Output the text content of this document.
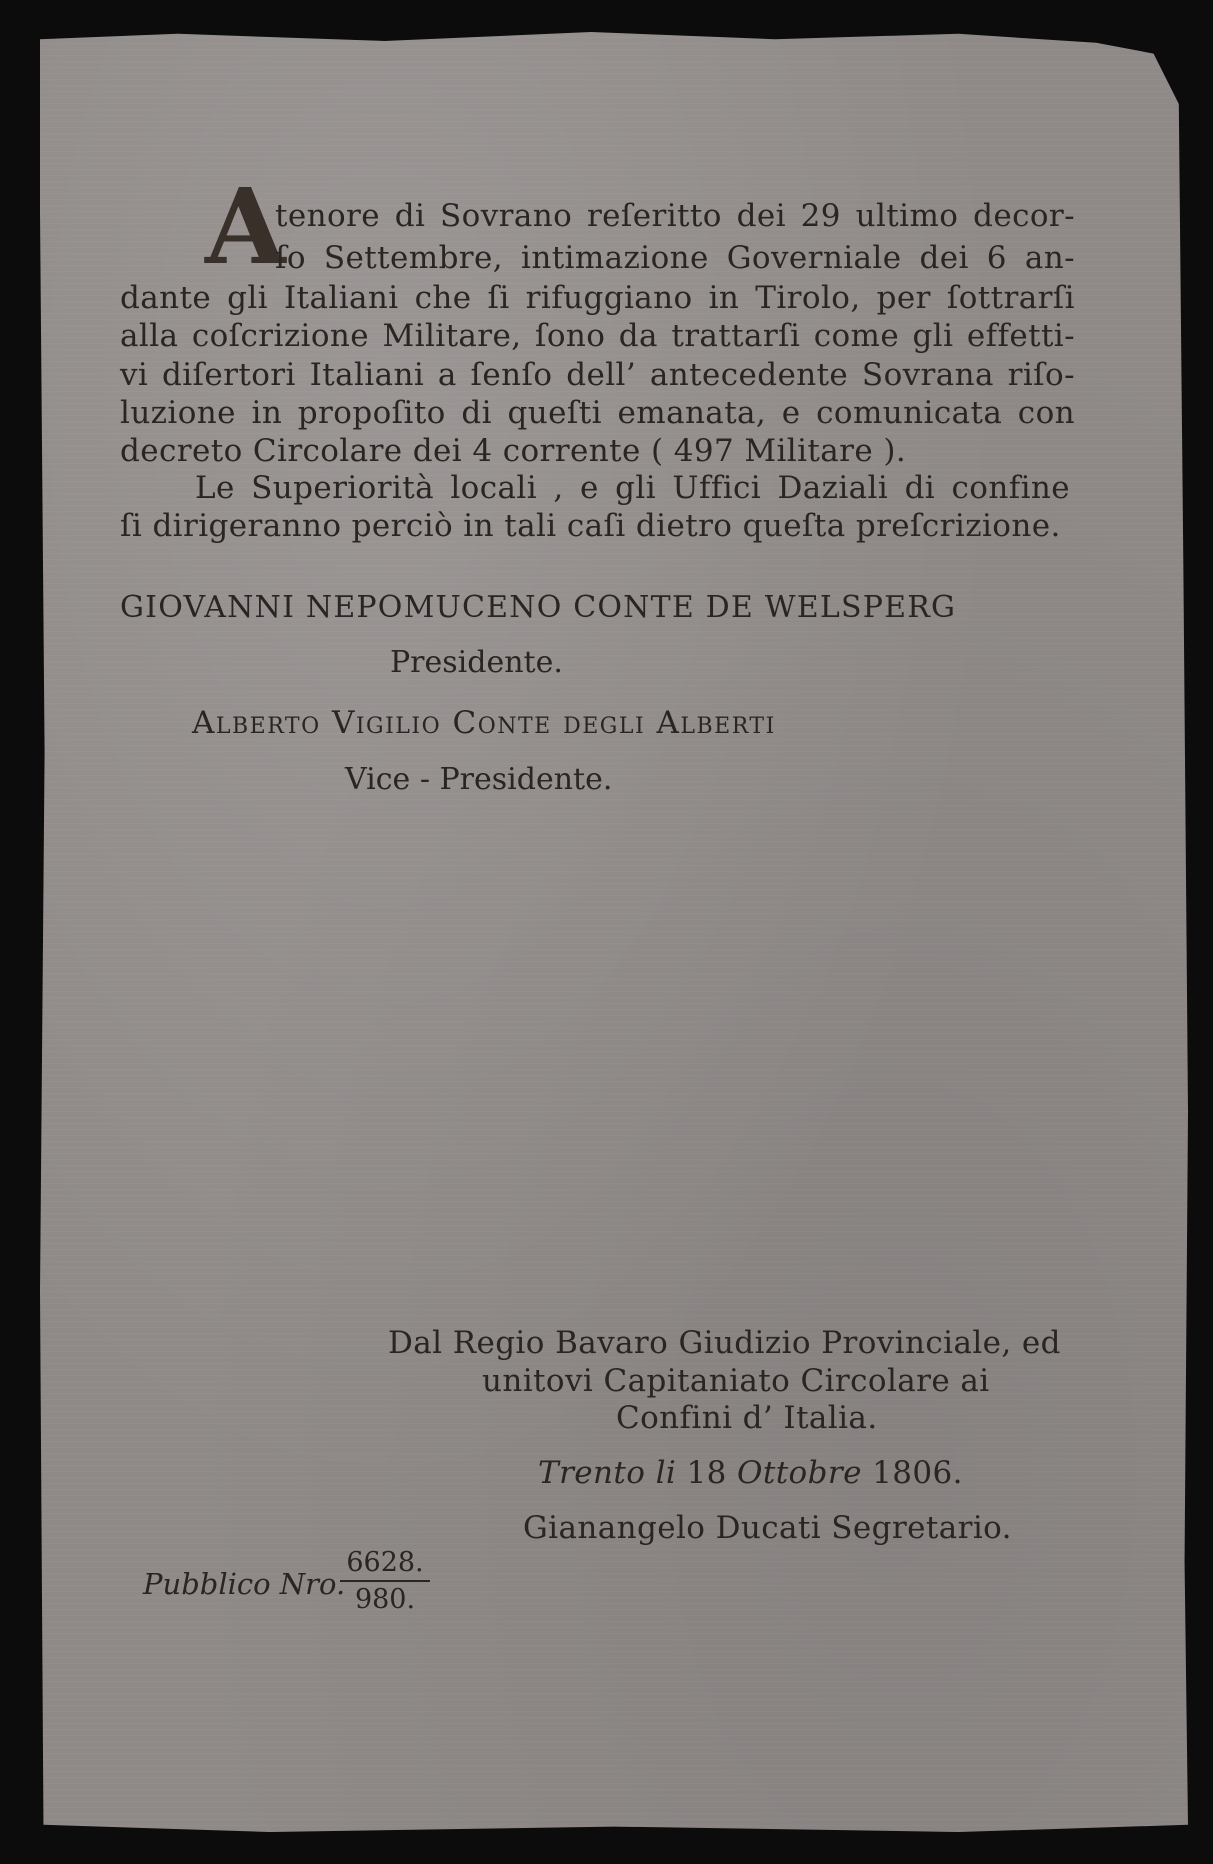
A
tenore di Sovrano reſeritto dei 29 ultimo decor-
ſo Settembre, intimazione Governiale dei 6 an-
dante gli Italiani che ſi rifuggiano in Tirolo, per ſottrarſi
alla coſcrizione Militare, ſono da trattarſi come gli effetti-
vi diſertori Italiani a ſenſo dell’ antecedente Sovrana riſo-
luzione in propoſito di queſti emanata, e comunicata con
decreto Circolare dei 4 corrente ( 497 Militare ).
Le Superiorità locali , e gli Uffici Daziali di confine
ſi dirigeranno perciò in tali caſi dietro queſta preſcrizione.
GIOVANNI NEPOMUCENO CONTE DE WELSPERG
Presidente.
Alberto Vigilio Conte degli Alberti
Vice - Presidente.
Dal Regio Bavaro Giudizio Provinciale, ed
unitovi Capitaniato Circolare ai
Confini d’ Italia.
Trento li 18 Ottobre 1806.
Gianangelo Ducati Segretario.
Pubblico Nro.
6628.
980.
